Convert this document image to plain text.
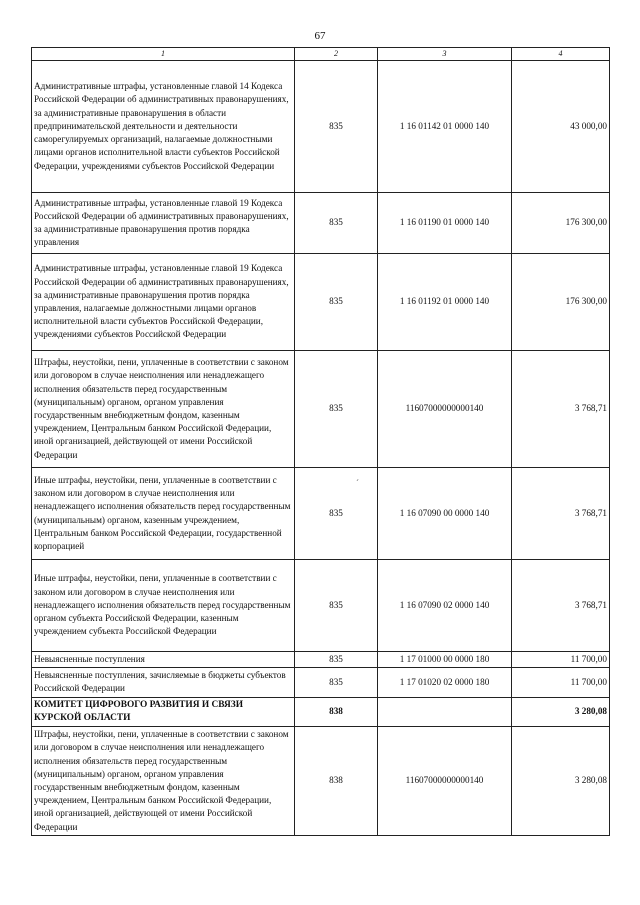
67
1	2	3	4
Административные штрафы, установленные главой 14 Кодекса Российской Федерации об административных правонарушениях, за административные правонарушения в области предпринимательской деятельности и деятельности саморегулируемых организаций, налагаемые должностными лицами органов исполнительной власти субъектов Российской Федерации, учреждениями субъектов Российской Федерации	835	1 16 01142 01 0000 140	43 000,00
Административные штрафы, установленные главой 19 Кодекса Российской Федерации об административных правонарушениях, за административные правонарушения против порядка управления	835	1 16 01190 01 0000 140	176 300,00
Административные штрафы, установленные главой 19 Кодекса Российской Федерации об административных правонарушениях, за административные правонарушения против порядка управления, налагаемые должностными лицами органов исполнительной власти субъектов Российской Федерации, учреждениями субъектов Российской Федерации	835	1 16 01192 01 0000 140	176 300,00
Штрафы, неустойки, пени, уплаченные в соответствии с законом или договором в случае неисполнения или ненадлежащего исполнения обязательств перед государственным (муниципальным) органом, органом управления государственным внебюджетным фондом, казенным учреждением, Центральным банком Российской Федерации, иной организацией, действующей от имени Российской Федерации	835	11607000000000140	3 768,71
Иные штрафы, неустойки, пени, уплаченные в соответствии с законом или договором в случае неисполнения или ненадлежащего исполнения обязательств перед государственным (муниципальным) органом, казенным учреждением, Центральным банком Российской Федерации, государственной корпорацией	835	1 16 07090 00 0000 140	3 768,71
Иные штрафы, неустойки, пени, уплаченные в соответствии с законом или договором в случае неисполнения или ненадлежащего исполнения обязательств перед государственным органом субъекта Российской Федерации, казенным учреждением субъекта Российской Федерации	835	1 16 07090 02 0000 140	3 768,71
Невыясненные поступления	835	1 17 01000 00 0000 180	11 700,00
Невыясненные поступления, зачисляемые в бюджеты субъектов Российской Федерации	835	1 17 01020 02 0000 180	11 700,00
КОМИТЕТ ЦИФРОВОГО РАЗВИТИЯ И СВЯЗИ КУРСКОЙ ОБЛАСТИ	838		3 280,08
Штрафы, неустойки, пени, уплаченные в соответствии с законом или договором в случае неисполнения или ненадлежащего исполнения обязательств перед государственным (муниципальным) органом, органом управления государственным внебюджетным фондом, казенным учреждением, Центральным банком Российской Федерации, иной организацией, действующей от имени Российской Федерации	838	11607000000000140	3 280,08
´
